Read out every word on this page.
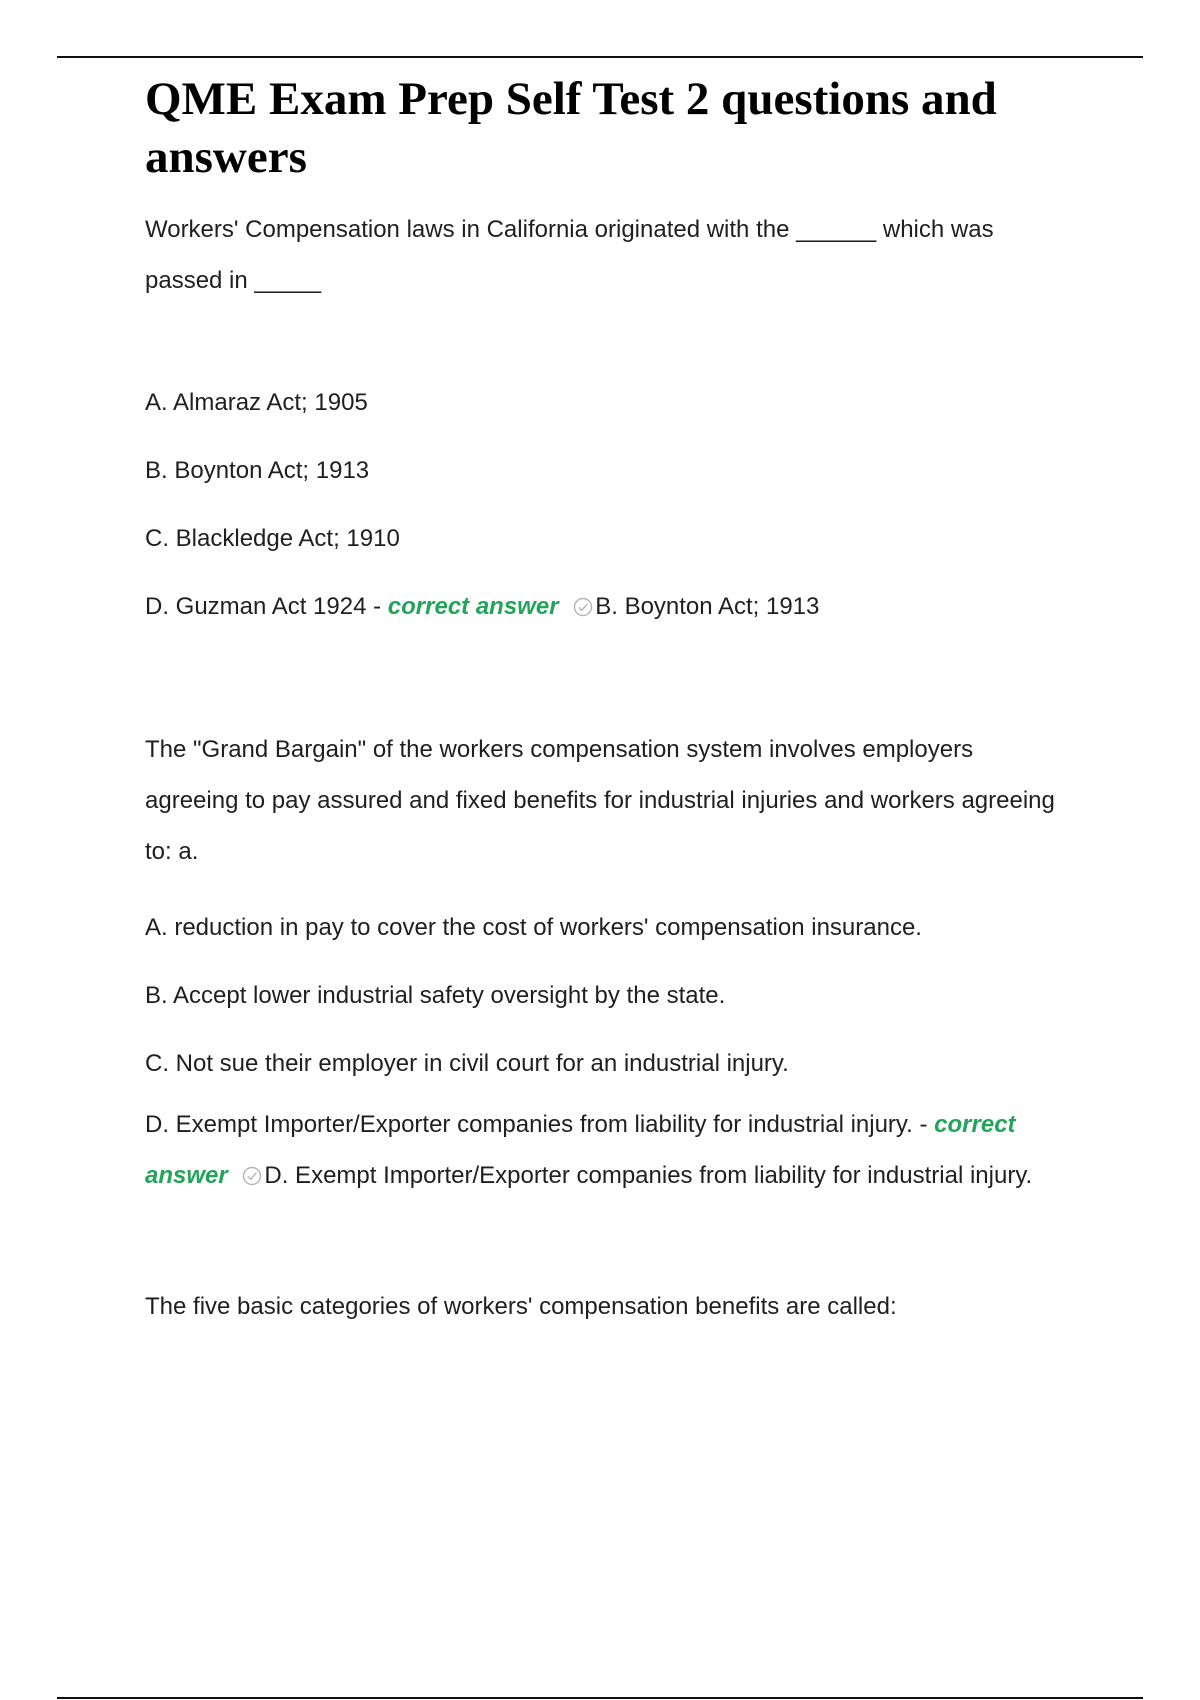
QME Exam Prep Self Test 2 questions and answers

Workers' Compensation laws in California originated with the ______ which was passed in _____

A. Almaraz Act; 1905

B. Boynton Act; 1913

C. Blackledge Act; 1910

D. Guzman Act 1924 - correct answer B. Boynton Act; 1913

The "Grand Bargain" of the workers compensation system involves employers agreeing to pay assured and fixed benefits for industrial injuries and workers agreeing to: a.

A. reduction in pay to cover the cost of workers' compensation insurance.

B. Accept lower industrial safety oversight by the state.

C. Not sue their employer in civil court for an industrial injury.

D. Exempt Importer/Exporter companies from liability for industrial injury. - correct answer D. Exempt Importer/Exporter companies from liability for industrial injury.

The five basic categories of workers' compensation benefits are called:
